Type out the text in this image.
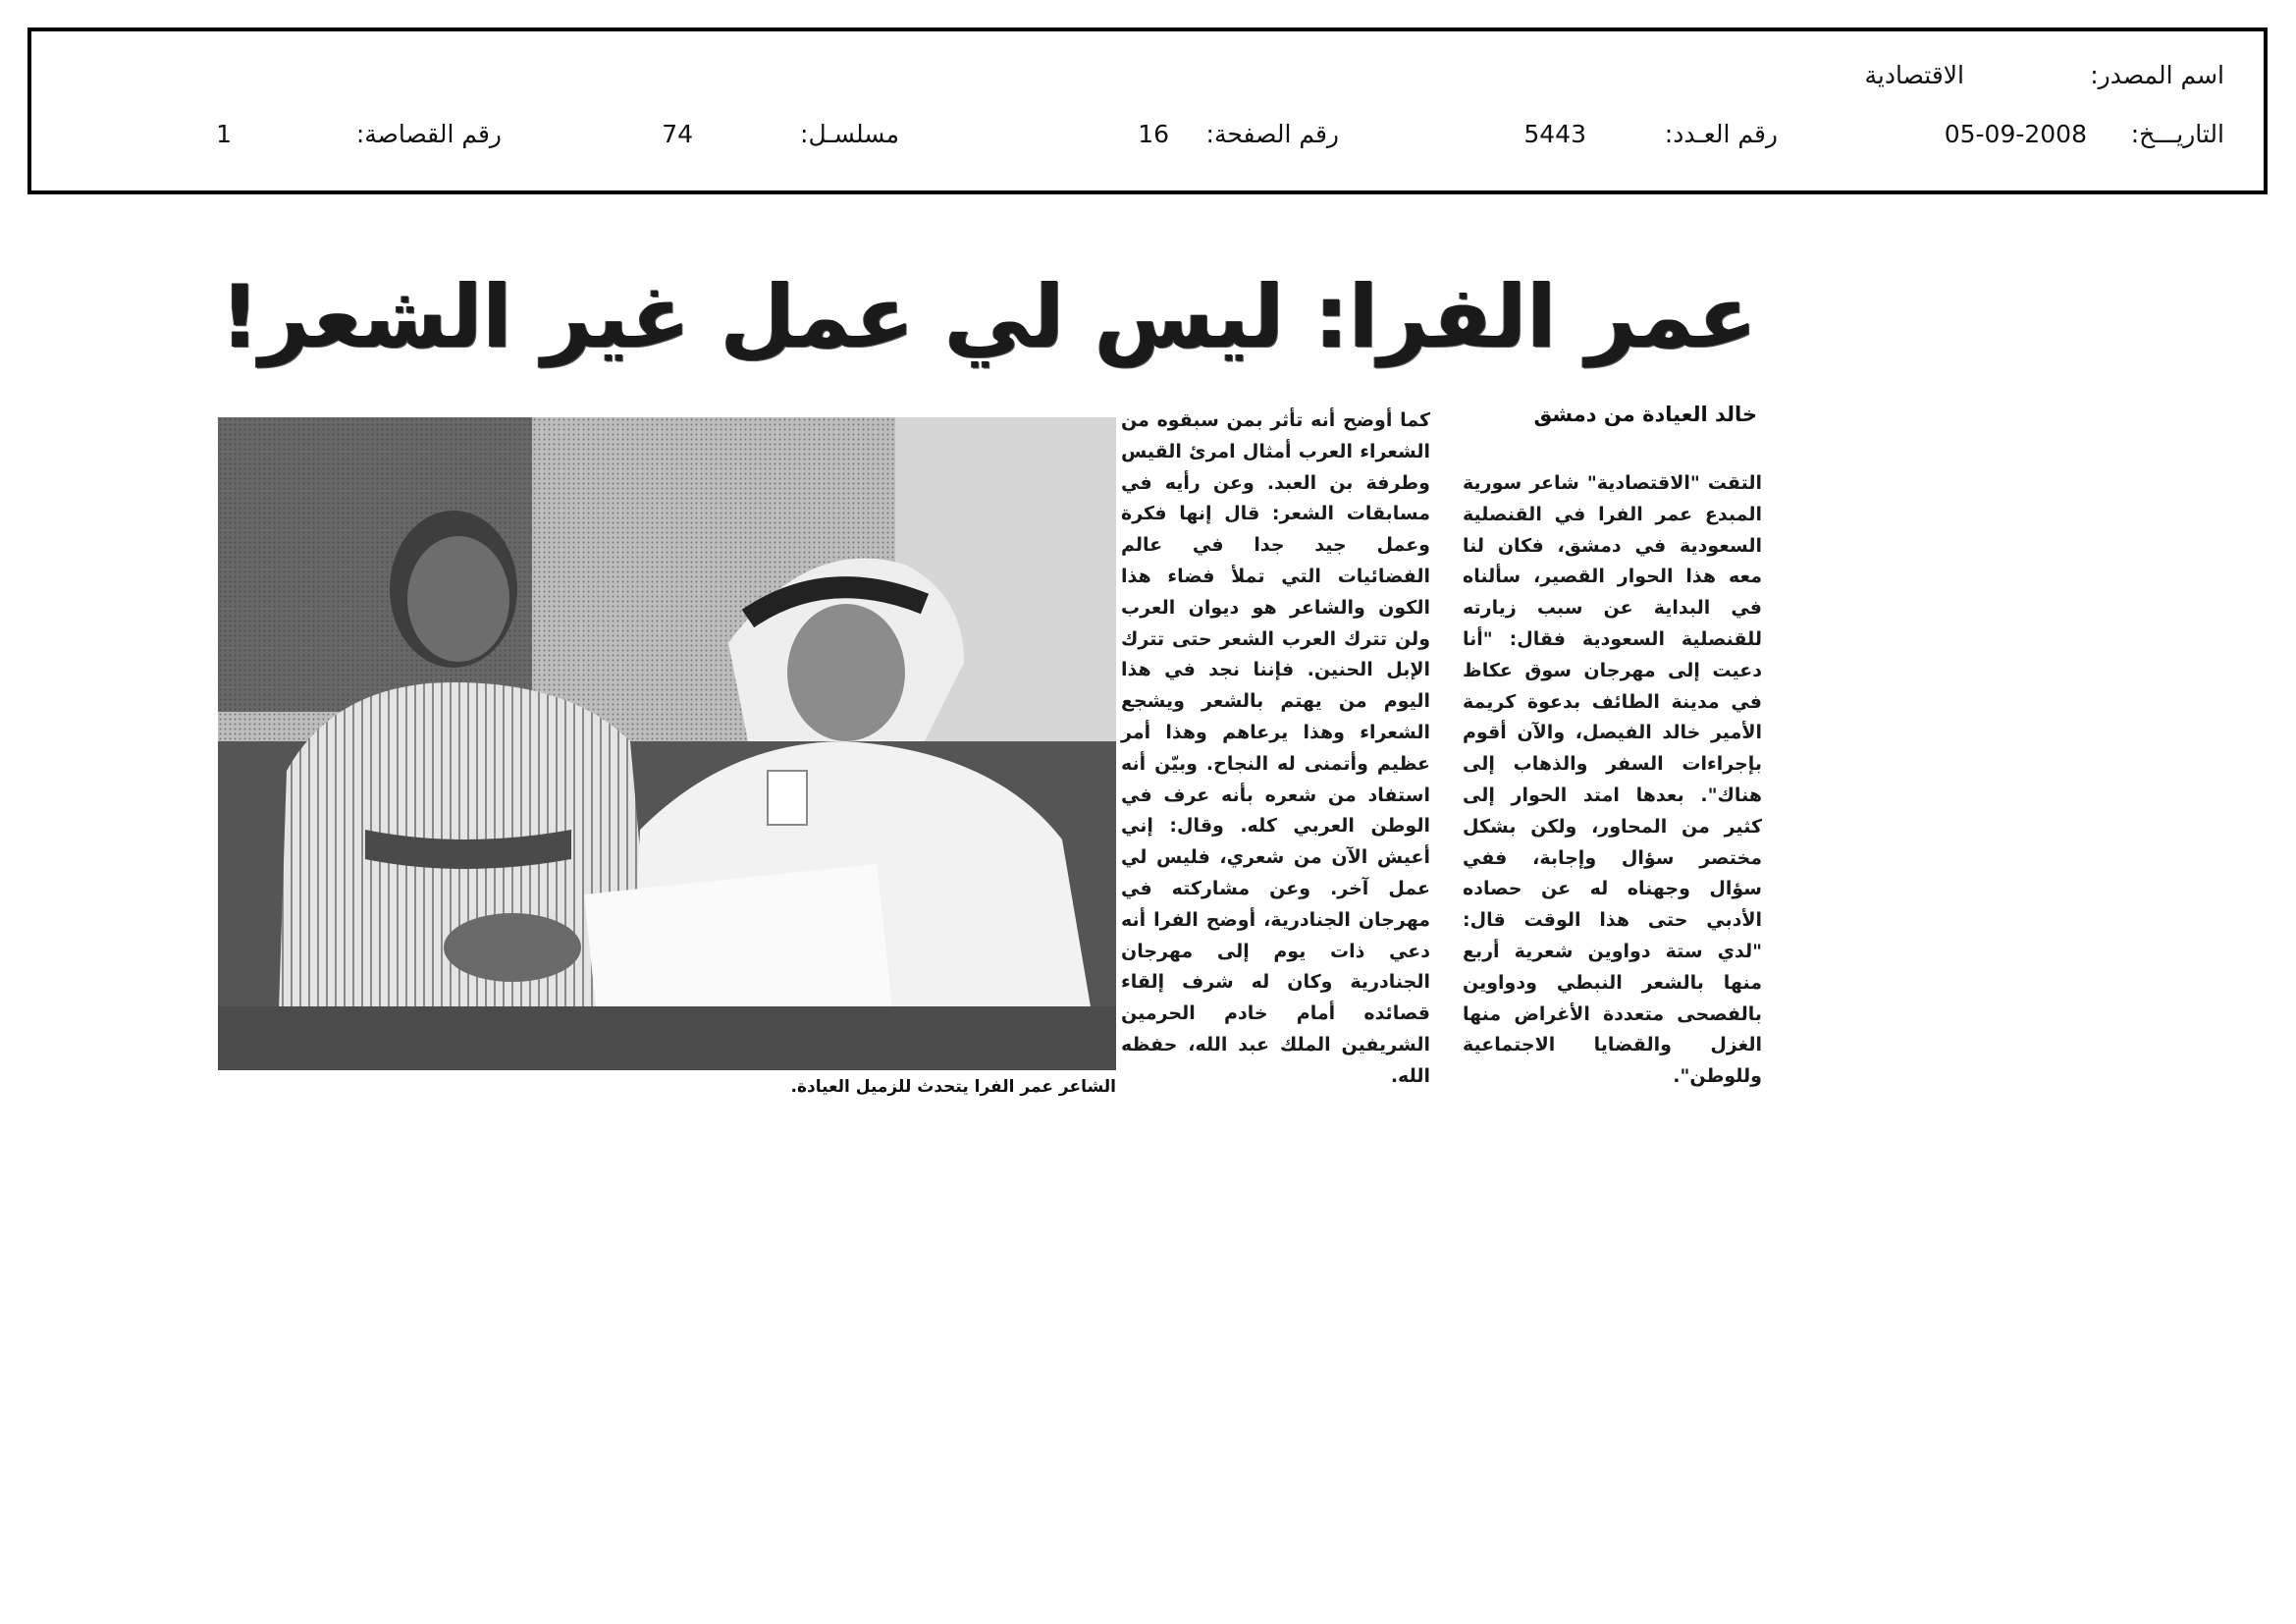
اسم المصدر:
الاقتصادية
التاريـــخ:
05-09-2008
رقم العـدد:
5443
رقم الصفحة:
16
مسلسـل:
74
رقم القصاصة:
1
عمر الفرا: ليس لي عمل غير الشعر!
خالد العيادة من دمشق
التقت "الاقتصادية" شاعر سورية المبدع عمر الفرا في القنصلية السعودية في دمشق، فكان لنا معه هذا الحوار القصير، سألناه في البداية عن سبب زيارته للقنصلية السعودية فقال: "أنا دعيت إلى مهرجان سوق عكاظ في مدينة الطائف بدعوة كريمة الأمير خالد الفيصل، والآن أقوم بإجراءات السفر والذهاب إلى هناك". بعدها امتد الحوار إلى كثير من المحاور، ولكن بشكل مختصر سؤال وإجابة، ففي سؤال وجهناه له عن حصاده الأدبي حتى هذا الوقت قال: "لدي ستة دواوين شعرية أربع منها بالشعر النبطي ودواوين بالفصحى متعددة الأغراض منها الغزل والقضايا الاجتماعية وللوطن".
كما أوضح أنه تأثر بمن سبقوه من الشعراء العرب أمثال امرئ القيس وطرفة بن العبد. وعن رأيه في مسابقات الشعر: قال إنها فكرة وعمل جيد جدا في عالم الفضائيات التي تملأ فضاء هذا الكون والشاعر هو ديوان العرب ولن تترك العرب الشعر حتى تترك الإبل الحنين. فإننا نجد في هذا اليوم من يهتم بالشعر ويشجع الشعراء وهذا يرعاهم وهذا أمر عظيم وأتمنى له النجاح. وبيّن أنه استفاد من شعره بأنه عرف في الوطن العربي كله. وقال: إني أعيش الآن من شعري، فليس لي عمل آخر. وعن مشاركته في مهرجان الجنادرية، أوضح الفرا أنه دعي ذات يوم إلى مهرجان الجنادرية وكان له شرف إلقاء قصائده أمام خادم الحرمين الشريفين الملك عبد الله، حفظه الله.
الشاعر عمر الفرا يتحدث للزميل العيادة.
